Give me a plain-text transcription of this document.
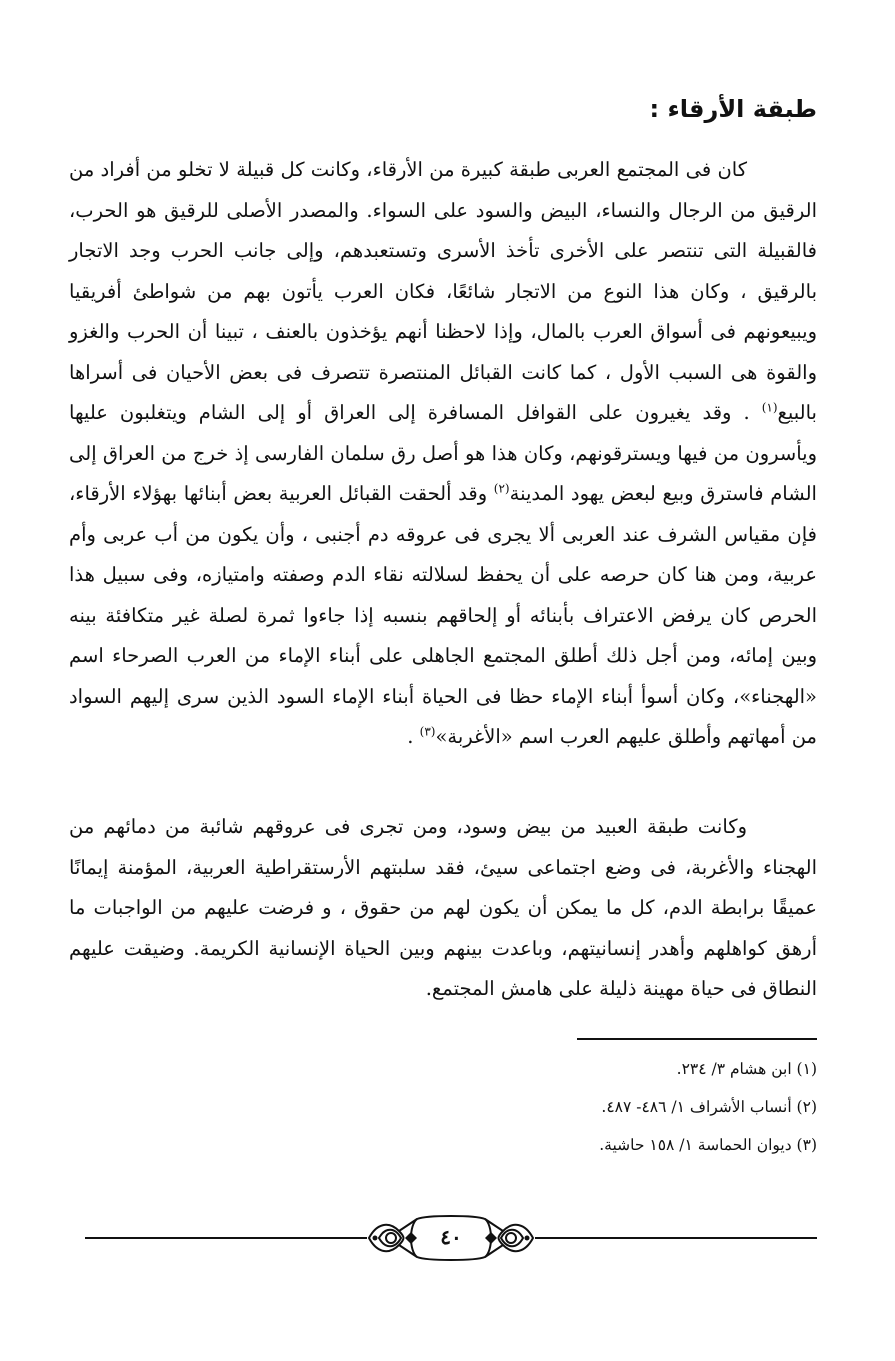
طبقة الأرقاء :

كان فى المجتمع العربى طبقة كبيرة من الأرقاء، وكانت كل قبيلة لا تخلو من أفراد من الرقيق من الرجال والنساء، البيض والسود على السواء. والمصدر الأصلى للرقيق هو الحرب، فالقبيلة التى تنتصر على الأخرى تأخذ الأسرى وتستعبدهم، وإلى جانب الحرب وجد الاتجار بالرقيق ، وكان هذا النوع من الاتجار شائعًا، فكان العرب يأتون بهم من شواطئ أفريقيا ويبيعونهم فى أسواق العرب بالمال، وإذا لاحظنا أنهم يؤخذون بالعنف ، تبينا أن الحرب والغزو والقوة هى السبب الأول ، كما كانت القبائل المنتصرة تتصرف فى بعض الأحيان فى أسراها بالبيع$^{(١)}$ . وقد يغيرون على القوافل المسافرة إلى العراق أو إلى الشام ويتغلبون عليها ويأسرون من فيها ويسترقونهم، وكان هذا هو أصل رق سلمان الفارسى إذ خرج من العراق إلى الشام فاسترق وبيع لبعض يهود المدينة$^{(٢)}$ وقد ألحقت القبائل العربية بعض أبنائها بهؤلاء الأرقاء، فإن مقياس الشرف عند العربى ألا يجرى فى عروقه دم أجنبى ، وأن يكون من أب عربى وأم عربية، ومن هنا كان حرصه على أن يحفظ لسلالته نقاء الدم وصفته وامتيازه، وفى سبيل هذا الحرص كان يرفض الاعتراف بأبنائه أو إلحاقهم بنسبه إذا جاءوا ثمرة لصلة غير متكافئة بينه وبين إمائه، ومن أجل ذلك أطلق المجتمع الجاهلى على أبناء الإماء من العرب الصرحاء اسم «الهجناء»، وكان أسوأ أبناء الإماء حظا فى الحياة أبناء الإماء السود الذين سرى إليهم السواد من أمهاتهم وأطلق عليهم العرب اسم «الأغربة»$^{(٣)}$ .

وكانت طبقة العبيد من بيض وسود، ومن تجرى فى عروقهم شائبة من دمائهم من الهجناء والأغربة، فى وضع اجتماعى سيئ، فقد سلبتهم الأرستقراطية العربية، المؤمنة إيمانًا عميقًا برابطة الدم، كل ما يمكن أن يكون لهم من حقوق ، و فرضت عليهم من الواجبات ما أرهق كواهلهم وأهدر إنسانيتهم، وباعدت بينهم وبين الحياة الإنسانية الكريمة. وضيقت عليهم النطاق فى حياة مهينة ذليلة على هامش المجتمع.

(١) ابن هشام ٣/ ٢٣٤.
(٢) أنساب الأشراف ١/ ٤٨٦- ٤٨٧.
(٣) ديوان الحماسة ١/ ١٥٨ حاشية.
٤٠
